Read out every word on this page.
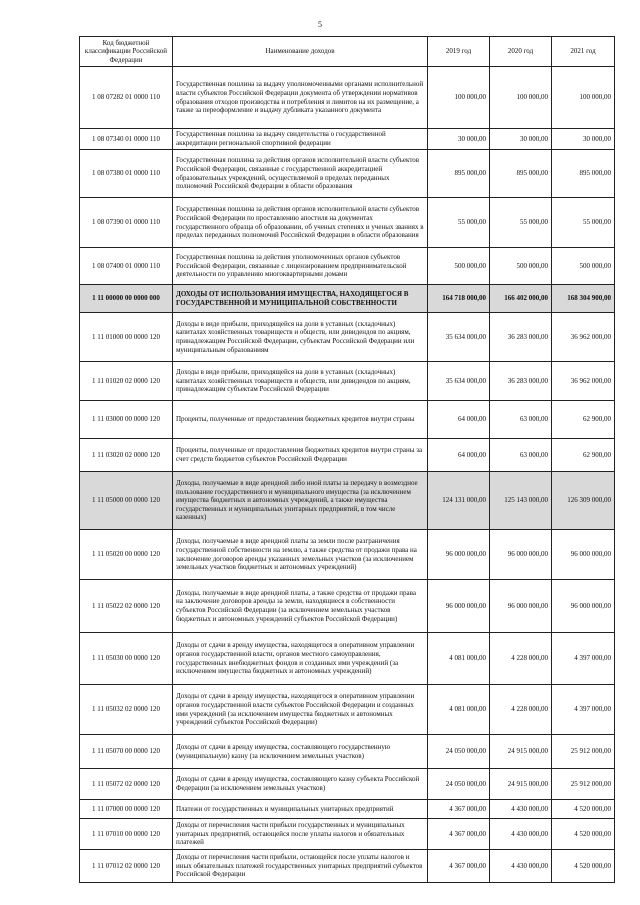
5
Код бюджетной классификации Российской Федерации	Наименование доходов	2019 год	2020 год	2021 год
1 08 07282 01 0000 110	Государственная пошлина за выдачу уполномоченными органами исполнительной власти субъектов Российской Федерации документа об утверждении нормативов образования отходов производства и потребления и лимитов на их размещение, а также за переоформление и выдачу дубликата указанного документа	100 000,00	100 000,00	100 000,00
1 08 07340 01 0000 110	Государственная пошлина за выдачу свидетельства о государственной аккредитации региональной спортивной федерации	30 000,00	30 000,00	30 000,00
1 08 07380 01 0000 110	Государственная пошлина за действия органов исполнительной власти субъектов Российской Федерации, связанные с государственной аккредитацией образовательных учреждений, осуществляемой в пределах переданных полномочий Российской Федерации в области образования	895 000,00	895 000,00	895 000,00
1 08 07390 01 0000 110	Государственная пошлина за действия органов исполнительной власти субъектов Российской Федерации по проставлению апостиля на документах государственного образца об образовании, об ученых степенях и ученых званиях в пределах переданных полномочий Российской Федерации в области образования	55 000,00	55 000,00	55 000,00
1 08 07400 01 0000 110	Государственная пошлина за действия уполномоченных органов субъектов Российской Федерации, связанные с лицензированием предпринимательской деятельности по управлению многоквартирными домами	500 000,00	500 000,00	500 000,00
1 11 00000 00 0000 000	ДОХОДЫ ОТ ИСПОЛЬЗОВАНИЯ ИМУЩЕСТВА, НАХОДЯЩЕГОСЯ В ГОСУДАРСТВЕННОЙ И МУНИЦИПАЛЬНОЙ СОБСТВЕННОСТИ	164 718 000,00	166 402 000,00	168 304 900,00
1 11 01000 00 0000 120	Доходы в виде прибыли, приходящейся на доли в уставных (складочных) капиталах хозяйственных товариществ и обществ, или дивидендов по акциям, принадлежащим Российской Федерации, субъектам Российской Федерации или муниципальным образованиям	35 634 000,00	36 283 000,00	36 962 000,00
1 11 01020 02 0000 120	Доходы в виде прибыли, приходящейся на доли в уставных (складочных) капиталах хозяйственных товариществ и обществ, или дивидендов по акциям, принадлежащим субъектам Российской Федерации	35 634 000,00	36 283 000,00	36 962 000,00
1 11 03000 00 0000 120	Проценты, полученные от предоставления бюджетных кредитов внутри страны	64 000,00	63 000,00	62 900,00
1 11 03020 02 0000 120	Проценты, полученные от предоставления бюджетных кредитов внутри страны за счет средств бюджетов субъектов Российской Федерации	64 000,00	63 000,00	62 900,00
1 11 05000 00 0000 120	Доходы, получаемые в виде арендной либо иной платы за передачу в возмездное пользование государственного и муниципального имущества (за исключением имущества бюджетных и автономных учреждений, а также имущества государственных и муниципальных унитарных предприятий, в том числе казенных)	124 131 000,00	125 143 000,00	126 309 000,00
1 11 05020 00 0000 120	Доходы, получаемые в виде арендной платы за земли после разграничения государственной собственности на землю, а также средства от продажи права на заключение договоров аренды указанных земельных участков (за исключением земельных участков бюджетных и автономных учреждений)	96 000 000,00	96 000 000,00	96 000 000,00
1 11 05022 02 0000 120	Доходы, получаемые в виде арендной платы, а также средства от продажи права на заключение договоров аренды за земли, находящиеся в собственности субъектов Российской Федерации (за исключением земельных участков бюджетных и автономных учреждений субъектов Российской Федерации)	96 000 000,00	96 000 000,00	96 000 000,00
1 11 05030 00 0000 120	Доходы от сдачи в аренду имущества, находящегося в оперативном управлении органов государственной власти, органов местного самоуправления, государственных внебюджетных фондов и созданных ими учреждений (за исключением имущества бюджетных и автономных учреждений)	4 081 000,00	4 228 000,00	4 397 000,00
1 11 05032 02 0000 120	Доходы от сдачи в аренду имущества, находящегося в оперативном управлении органов государственной власти субъектов Российской Федерации и созданных ими учреждений (за исключением имущества бюджетных и автономных учреждений субъектов Российской Федерации)	4 081 000,00	4 228 000,00	4 397 000,00
1 11 05070 00 0000 120	Доходы от сдачи в аренду имущества, составляющего государственную (муниципальную) казну (за исключением земельных участков)	24 050 000,00	24 915 000,00	25 912 000,00
1 11 05072 02 0000 120	Доходы от сдачи в аренду имущества, составляющего казну субъекта Российской Федерации (за исключением земельных участков)	24 050 000,00	24 915 000,00	25 912 000,00
1 11 07000 00 0000 120	Платежи от государственных и муниципальных унитарных предприятий	4 367 000,00	4 430 000,00	4 520 000,00
1 11 07010 00 0000 120	Доходы от перечисления части прибыли государственных и муниципальных унитарных предприятий, остающейся после уплаты налогов и обязательных платежей	4 367 000,00	4 430 000,00	4 520 000,00
1 11 07012 02 0000 120	Доходы от перечисления части прибыли, остающейся после уплаты налогов и иных обязательных платежей государственных унитарных предприятий субъектов Российской Федерации	4 367 000,00	4 430 000,00	4 520 000,00
